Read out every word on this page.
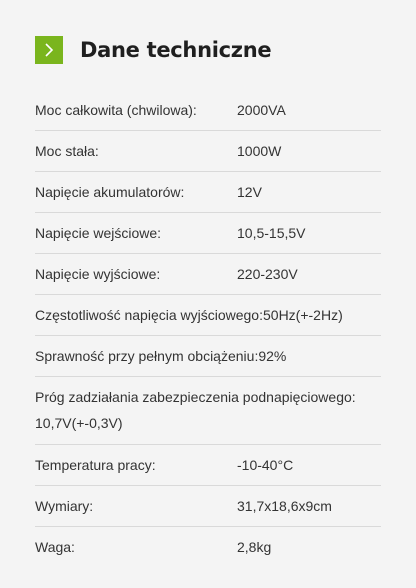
Dane techniczne
Moc całkowita (chwilowa):	2000VA
Moc stała:	1000W
Napięcie akumulatorów:	12V
Napięcie wejściowe:	10,5-15,5V
Napięcie wyjściowe:	220-230V
Częstotliwość napięcia wyjściowego:50Hz(+-2Hz)
Sprawność przy pełnym obciążeniu:92%
Próg zadziałania zabezpieczenia podnapięciowego:
10,7V(+-0,3V)
Temperatura pracy:	-10-40°C
Wymiary:	31,7x18,6x9cm
Waga:	2,8kg
